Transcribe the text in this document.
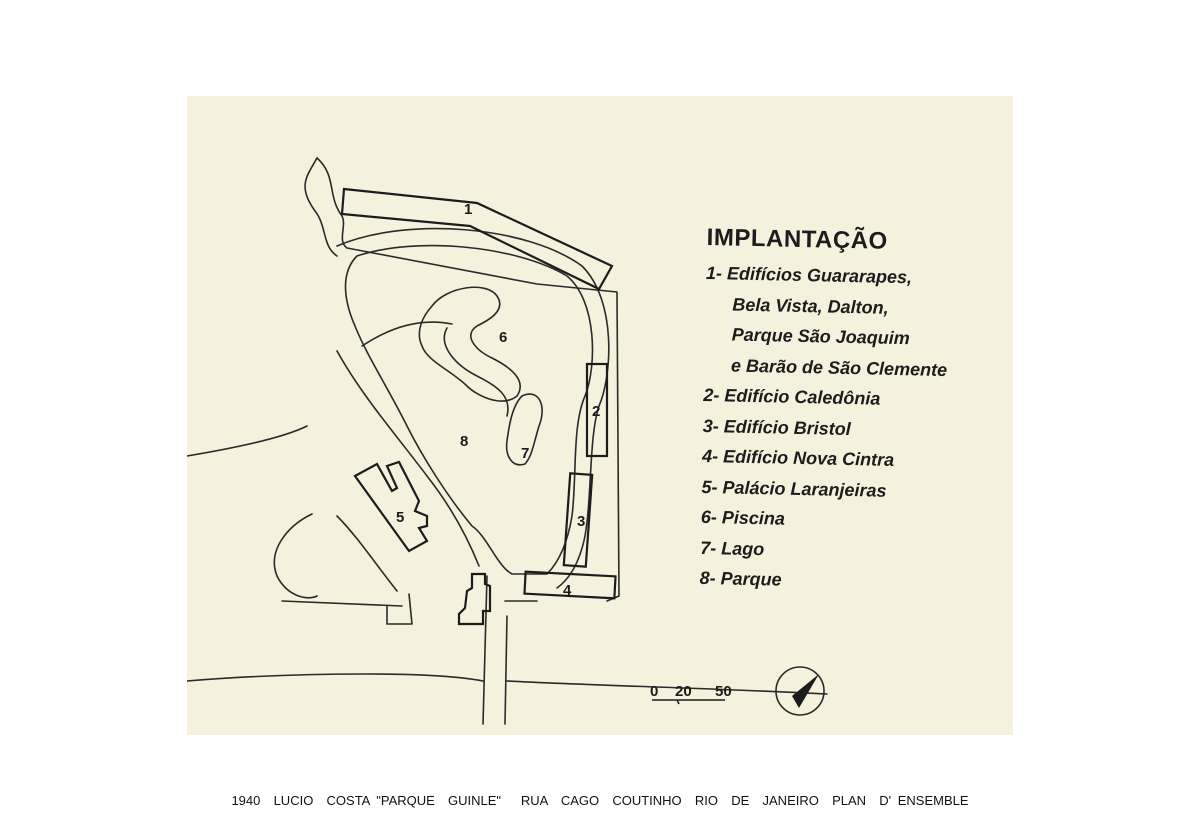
1
2
3
4
5
6
7
8
0 20 50
IMPLANTAÇÃO
1- Edifícios Guararapes,
Bela Vista, Dalton,
Parque São Joaquim
e Barão de São Clemente
2- Edifício Caledônia
3- Edifício Bristol
4- Edifício Nova Cintra
5- Palácio Laranjeiras
6- Piscina
7- Lago
8- Parque
1940  LUCIO  COSTA "PARQUE  GUINLE"   RUA  CAGO  COUTINHO  RIO  DE  JANEIRO  PLAN  D' ENSEMBLE
